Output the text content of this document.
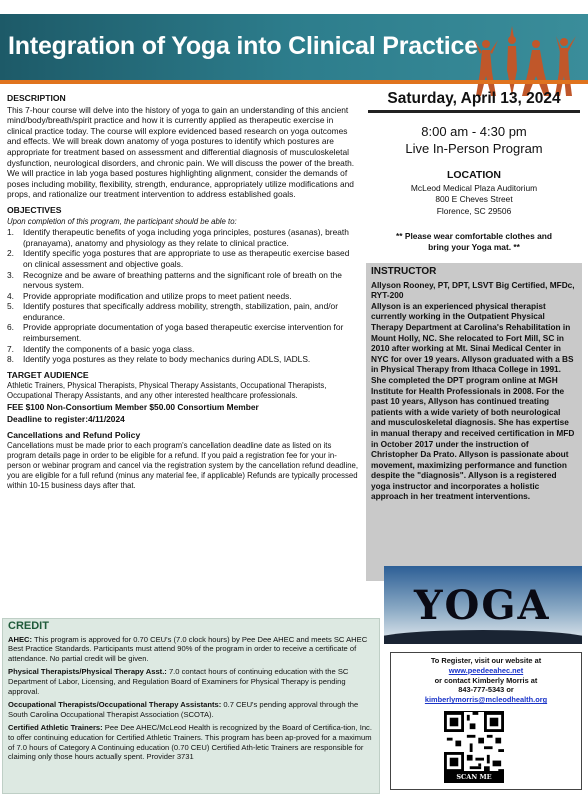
Integration of Yoga into Clinical Practice
DESCRIPTION

This 7-hour course will delve into the history of yoga to gain an understanding of this ancient mind/body/breath/spirit practice and how it is currently applied as therapeutic exercise in clinical practice today. The course will explore evidenced based research on yoga outcomes and effects. We will break down anatomy of yoga postures to identify which postures are appropriate for treatment based on assessment and differential diagnosis of musculoskeletal dysfunction, neurological disorders, and chronic pain. We will discuss the power of the breath. We will practice in lab yoga based postures highlighting alignment, consider the demands of poses including mobility, flexibility, strength, endurance, appropriately utilize modifications and props, and rationalize our treatment intervention to address established goals.

OBJECTIVES

Upon completion of this program, the participant should be able to:

1.	Identify therapeutic benefits of yoga including yoga principles, postures (asanas), breath (pranayama), anatomy and physiology as they relate to clinical practice.
2.	Identify specific yoga postures that are appropriate to use as therapeutic exercise based on clinical assessment and objective goals.
3.	Recognize and be aware of breathing patterns and the significant role of breath on the nervous system.
4.	Provide appropriate modification and utilize props to meet patient needs.
5.	Identify postures that specifically address mobility, strength, stabilization, pain, and/or endurance.
6.	Provide appropriate documentation of yoga based therapeutic exercise intervention for reimbursement.
7.	Identify the components of a basic yoga class.
8.	Identify yoga postures as they relate to body mechanics during ADLS, IADLS.
TARGET AUDIENCE

Athletic Trainers, Physical Therapists, Physical Therapy Assistants, Occupational Therapists, Occupational Therapy Assistants, and any other interested healthcare professionals.

FEE $100 Non-Consortium Member $50.00 Consortium Member

Deadline to register:4/11/2024

Cancellations and Refund Policy

Cancellations must be made prior to each program's cancellation deadline date as listed on its program details page in order to be eligible for a refund. If you paid a registration fee for your in-person or webinar program and cancel via the registration system by the cancellation refund deadline, you are eligible for a full refund (minus any material fee, if applicable) Refunds are typically processed within 10-15 business days after that.

Saturday, April 13, 2024
8:00 am - 4:30 pm
Live In-Person Program
LOCATION
McLeod Medical Plaza Auditorium
800 E Cheves Street
Florence, SC 29506
** Please wear comfortable clothes and
bring your Yoga mat. **
INSTRUCTOR
Allyson Rooney, PT, DPT, LSVT Big Certified, MFDc, RYT-200
Allyson is an experienced physical therapist currently working in the Outpatient Physical Therapy Department at Carolina's Rehabilitation in Mount Holly, NC. She relocated to Fort Mill, SC in 2010 after working at Mt. Sinai Medical Center in NYC for over 19 years. Allyson graduated with a BS in Physical Therapy from Ithaca College in 1991. She completed the DPT program online at MGH Institute for Health Professionals in 2008. For the past 10 years, Allyson has continued treating patients with a wide variety of both neurological and musculoskeletal diagnosis. She has expertise in manual therapy and received certification in MFD in October 2017 under the instruction of Christopher Da Prato. Allyson is passionate about movement, maximizing performance and function despite the "diagnosis". Allyson is a registered yoga instructor and incorporates a holistic approach in her treatment interventions.
YOGA
CREDIT

AHEC: This program is approved for 0.70 CEU's (7.0 clock hours) by Pee Dee AHEC and meets SC AHEC Best Practice Standards. Participants must attend 90% of the program in order to receive a certificate of attendance. No partial credit will be given.

Physical Therapists/Physical Therapy Asst.: 7.0 contact hours of continuing education with the SC Department of Labor, Licensing, and Regulation Board of Examiners for Physical Therapy is pending approval.

Occupational Therapists/Occupational Therapy Assistants: 0.7 CEU's pending approval through the South Carolina Occupational Therapist Association (SCOTA).

Certified Athletic Trainers: Pee Dee AHEC/McLeod Health is recognized by the Board of Certifica-tion, Inc. to offer continuing education for Certified Athletic Trainers. This program has been ap-proved for a maximum of 7.0 hours of Category A Continuing education (0.70 CEU) Certified Ath-letic Trainers are responsible for claiming only those hours actually spent. Provider 3731

To Register, visit our website at
www.peedeeahec.net
or contact Kimberly Morris at
843-777-5343 or
kimberlymorris@mcleodhealth.org
SCAN ME
